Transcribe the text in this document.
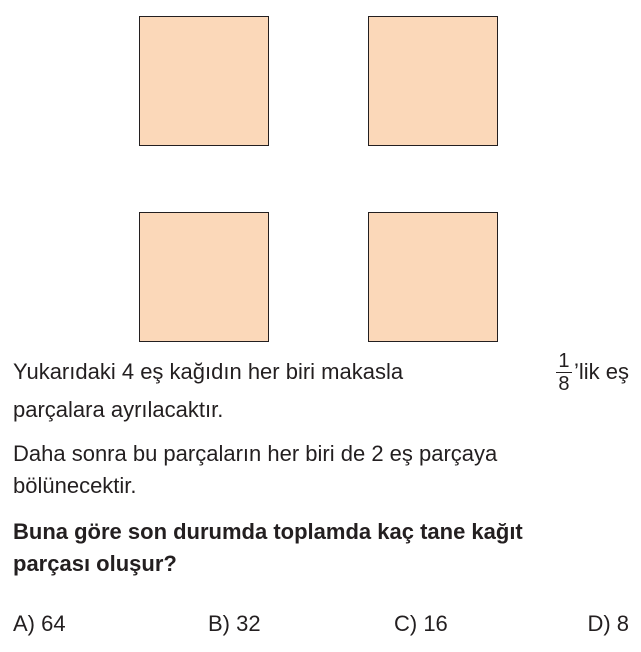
Yukarıdaki 4 eş kağıdın her biri makasla	$\frac{1}{8}$ ’lik eş
parçalara ayrılacaktır.
Daha sonra bu parçaların her biri de 2 eş parçaya
bölünecektir.
Buna göre son durumda toplamda kaç tane kağıt
parçası oluşur?
A) 64	B) 32	C) 16	D) 8
